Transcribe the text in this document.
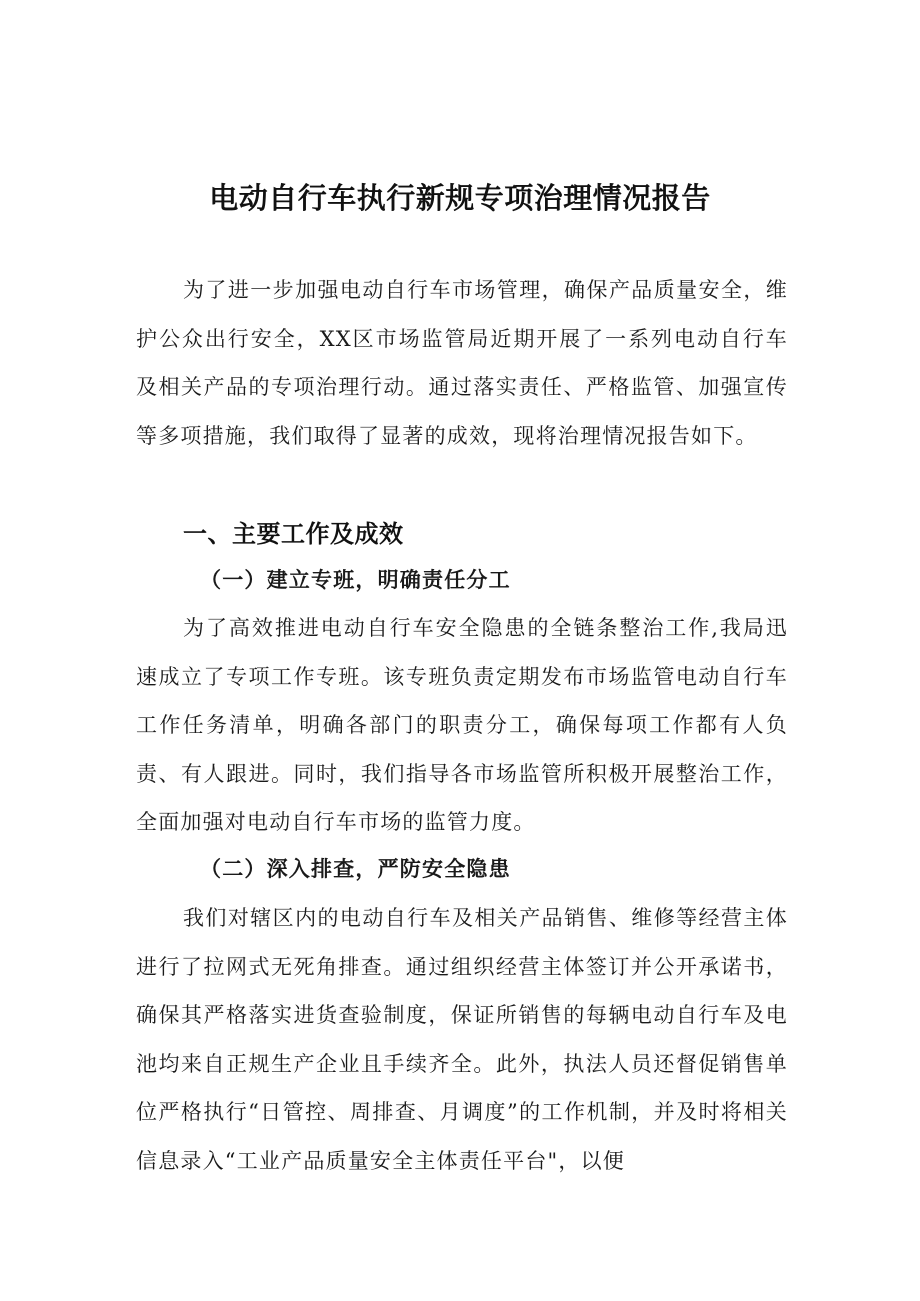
电动自行车执行新规专项治理情况报告

为了进一步加强电动自行车市场管理，确保产品质量安全，维护公众出行安全，XX区市场监管局近期开展了一系列电动自行车及相关产品的专项治理行动。通过落实责任、严格监管、加强宣传等多项措施，我们取得了显著的成效，现将治理情况报告如下。

一、主要工作及成效
（一）建立专班，明确责任分工

为了高效推进电动自行车安全隐患的全链条整治工作,我局迅速成立了专项工作专班。该专班负责定期发布市场监管电动自行车工作任务清单，明确各部门的职责分工，确保每项工作都有人负责、有人跟进。同时，我们指导各市场监管所积极开展整治工作，全面加强对电动自行车市场的监管力度。

（二）深入排查，严防安全隐患

我们对辖区内的电动自行车及相关产品销售、维修等经营主体进行了拉网式无死角排查。通过组织经营主体签订并公开承诺书，确保其严格落实进货查验制度，保证所销售的每辆电动自行车及电池均来自正规生产企业且手续齐全。此外，执法人员还督促销售单位严格执行“日管控、周排查、月调度”的工作机制，并及时将相关信息录入“工业产品质量安全主体责任平台"，以便
